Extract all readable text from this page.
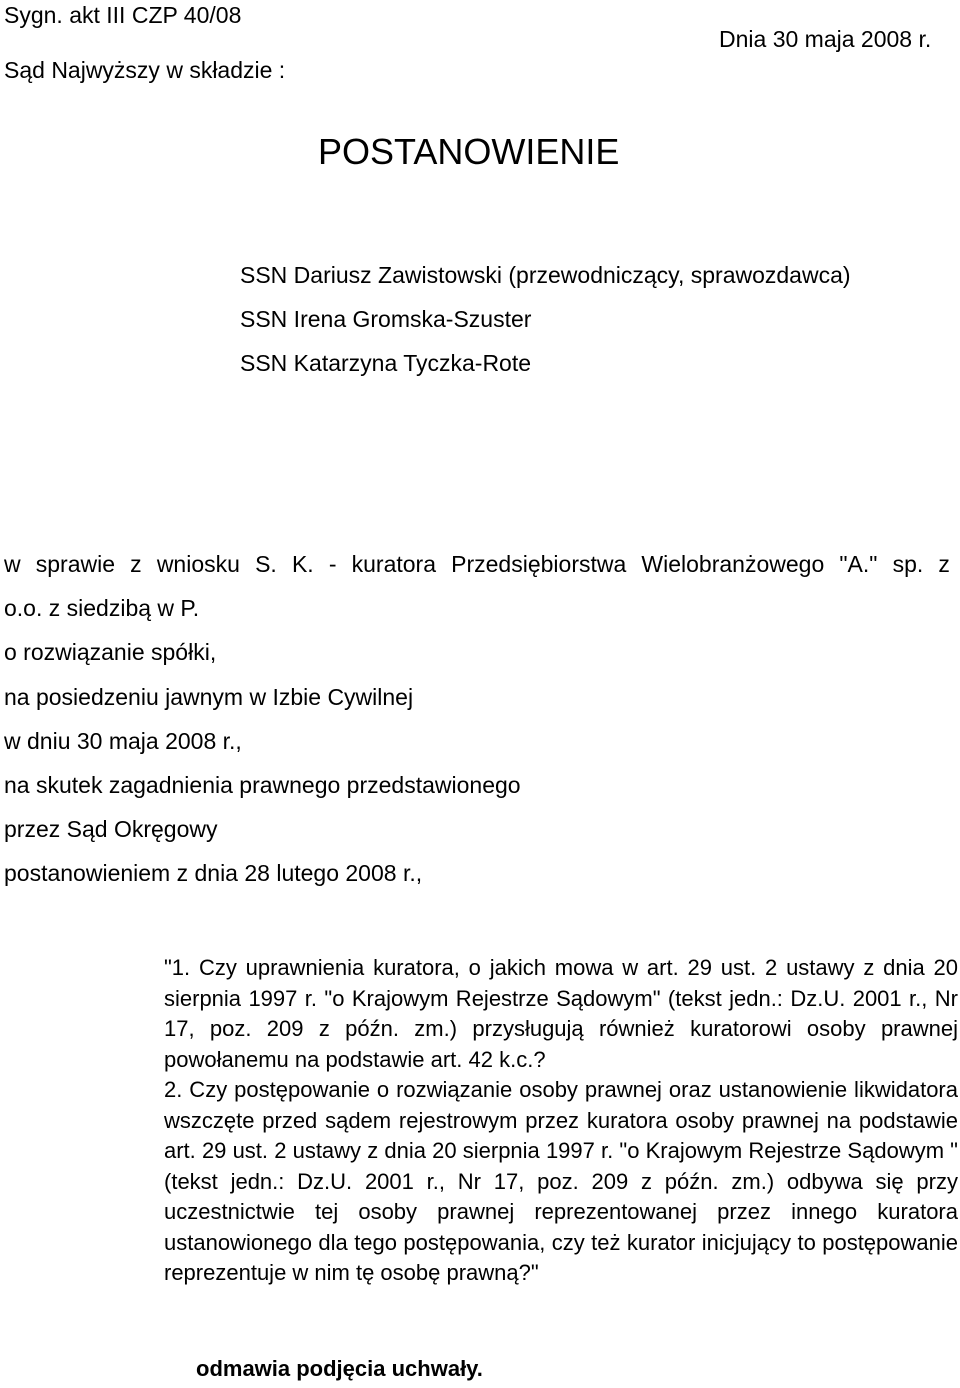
Sygn. akt III CZP 40/08
Dnia 30 maja 2008 r.
Sąd Najwyższy w składzie :
POSTANOWIENIE
SSN Dariusz Zawistowski (przewodniczący, sprawozdawca)
SSN Irena Gromska-Szuster
SSN Katarzyna Tyczka-Rote
w sprawie z wniosku S. K. - kuratora Przedsiębiorstwa Wielobranżowego "A." sp. z
o.o. z siedzibą w P.
o rozwiązanie spółki,
na posiedzeniu jawnym w Izbie Cywilnej
w dniu 30 maja 2008 r.,
na skutek zagadnienia prawnego przedstawionego
przez Sąd Okręgowy
postanowieniem z dnia 28 lutego 2008 r.,

"1. Czy uprawnienia kuratora, o jakich mowa w art. 29 ust. 2 ustawy z dnia 20 sierpnia 1997 r. "o Krajowym Rejestrze Sądowym" (tekst jedn.: Dz.U. 2001 r., Nr 17, poz. 209 z późn. zm.) przysługują również kuratorowi osoby prawnej powołanemu na podstawie art. 42 k.c.?

2. Czy postępowanie o rozwiązanie osoby prawnej oraz ustanowienie likwidatora wszczęte przed sądem rejestrowym przez kuratora osoby prawnej na podstawie art. 29 ust. 2 ustawy z dnia 20 sierpnia 1997 r. "o Krajowym Rejestrze Sądowym " (tekst jedn.: Dz.U. 2001 r., Nr 17, poz. 209 z późn. zm.) odbywa się przy uczestnictwie tej osoby prawnej reprezentowanej przez innego kuratora ustanowionego dla tego postępowania, czy też kurator inicjujący to postępowanie reprezentuje w nim tę osobę prawną?"

odmawia podjęcia uchwały.
